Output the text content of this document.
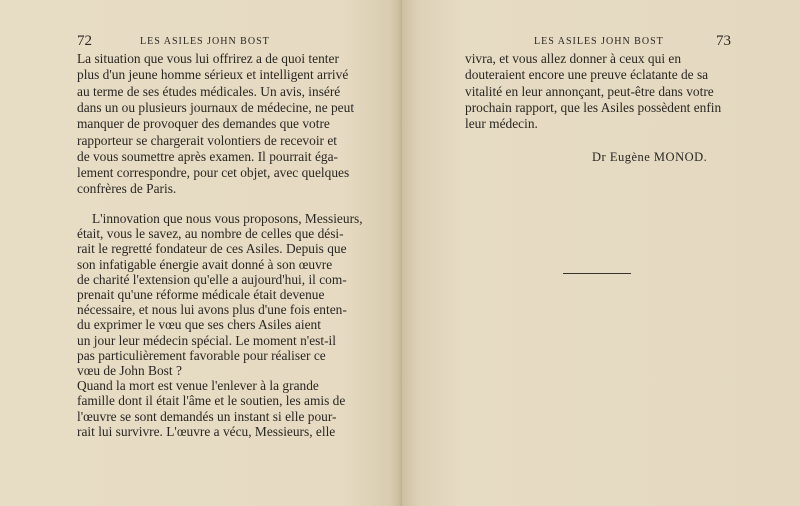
72	LES ASILES JOHN BOST

La situation que vous lui offrirez a de quoi tenter

plus d'un jeune homme sérieux et intelligent arrivé

au terme de ses études médicales. Un avis, inséré

dans un ou plusieurs journaux de médecine, ne peut

manquer de provoquer des demandes que votre

rapporteur se chargerait volontiers de recevoir et

de vous soumettre après examen. Il pourrait éga-

lement correspondre, pour cet objet, avec quelques

confrères de Paris.

L'innovation que nous vous proposons, Messieurs,

était, vous le savez, au nombre de celles que dési-

rait le regretté fondateur de ces Asiles. Depuis que

son infatigable énergie avait donné à son œuvre

de charité l'extension qu'elle a aujourd'hui, il com-

prenait qu'une réforme médicale était devenue

nécessaire, et nous lui avons plus d'une fois enten-

du exprimer le vœu que ses chers Asiles aient

un jour leur médecin spécial. Le moment n'est-il

pas particulièrement favorable pour réaliser ce

vœu de John Bost ?

Quand la mort est venue l'enlever à la grande

famille dont il était l'âme et le soutien, les amis de

l'œuvre se sont demandés un instant si elle pour-

rait lui survivre. L'œuvre a vécu, Messieurs, elle

LES ASILES JOHN BOST	73

vivra, et vous allez donner à ceux qui en

douteraient encore une preuve éclatante de sa

vitalité en leur annonçant, peut-être dans votre

prochain rapport, que les Asiles possèdent enfin

leur médecin.

Dr Eugène MONOD.
